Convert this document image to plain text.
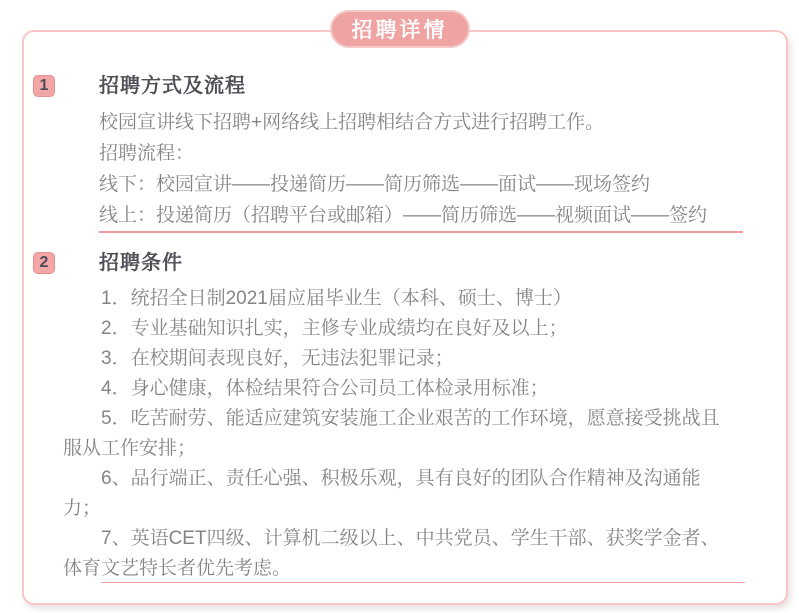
招聘详情
1	招聘方式及流程
校园宣讲线下招聘+网络线上招聘相结合方式进行招聘工作。
招聘流程：
线下：校园宣讲——投递简历——简历筛选——面试——现场签约
线上：投递简历（招聘平台或邮箱）——简历筛选——视频面试——签约
2	招聘条件
1．统招全日制2021届应届毕业生（本科、硕士、博士）
2．专业基础知识扎实，主修专业成绩均在良好及以上；
3．在校期间表现良好，无违法犯罪记录；
4．身心健康，体检结果符合公司员工体检录用标准；
5．吃苦耐劳、能适应建筑安装施工企业艰苦的工作环境，愿意接受挑战且
服从工作安排；
6、品行端正、责任心强、积极乐观，具有良好的团队合作精神及沟通能
力；
7、英语CET四级、计算机二级以上、中共党员、学生干部、获奖学金者、
体育文艺特长者优先考虑。
